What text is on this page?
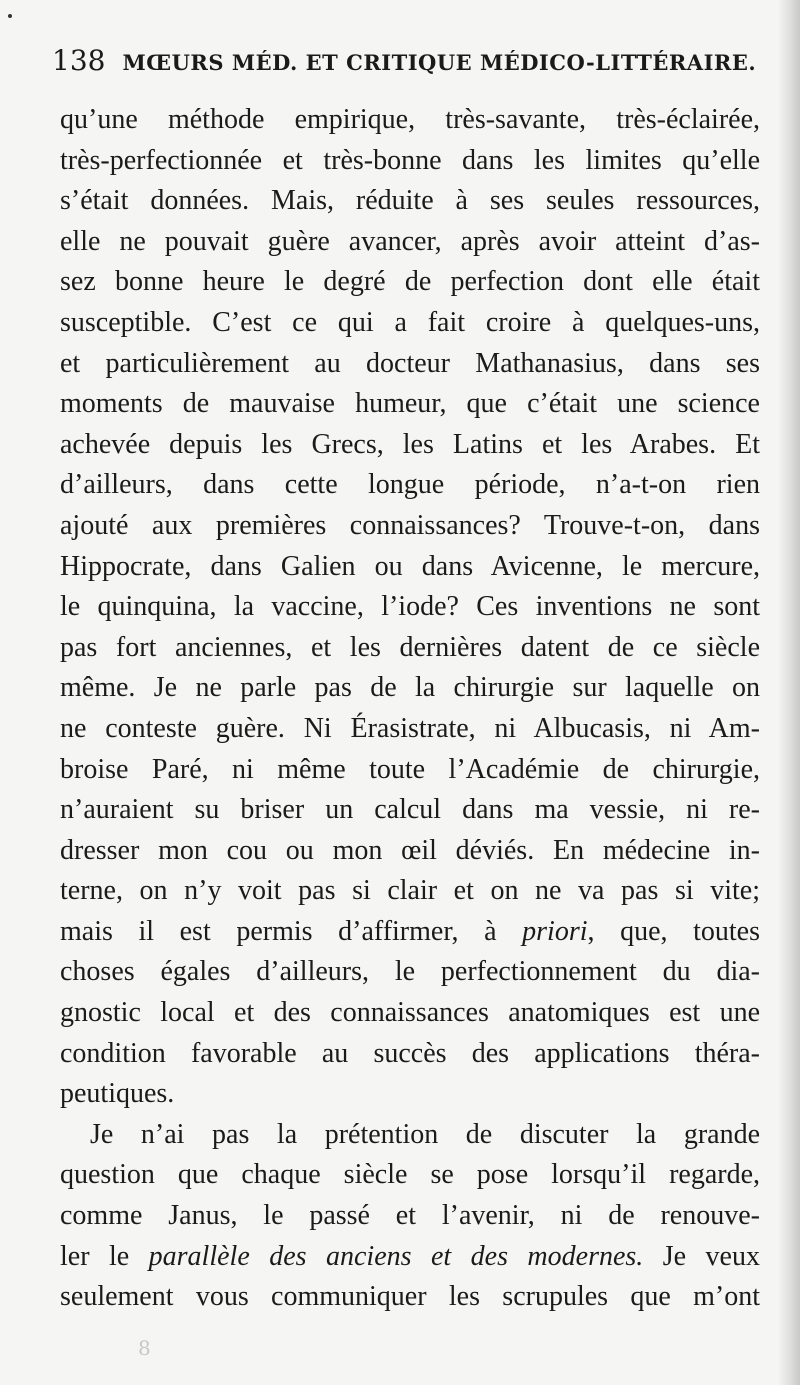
138 MŒURS MÉD. ET CRITIQUE MÉDICO-LITTÉRAIRE.
qu’une méthode empirique, très-savante, très-éclairée,
très-perfectionnée et très-bonne dans les limites qu’elle
s’était données. Mais, réduite à ses seules ressources,
elle ne pouvait guère avancer, après avoir atteint d’as-
sez bonne heure le degré de perfection dont elle était
susceptible. C’est ce qui a fait croire à quelques-uns,
et particulièrement au docteur Mathanasius, dans ses
moments de mauvaise humeur, que c’était une science
achevée depuis les Grecs, les Latins et les Arabes. Et
d’ailleurs, dans cette longue période, n’a-t-on rien
ajouté aux premières connaissances? Trouve-t-on, dans
Hippocrate, dans Galien ou dans Avicenne, le mercure,
le quinquina, la vaccine, l’iode? Ces inventions ne sont
pas fort anciennes, et les dernières datent de ce siècle
même. Je ne parle pas de la chirurgie sur laquelle on
ne conteste guère. Ni Érasistrate, ni Albucasis, ni Am-
broise Paré, ni même toute l’Académie de chirurgie,
n’auraient su briser un calcul dans ma vessie, ni re-
dresser mon cou ou mon œil déviés. En médecine in-
terne, on n’y voit pas si clair et on ne va pas si vite;
mais il est permis d’affirmer, à priori, que, toutes
choses égales d’ailleurs, le perfectionnement du dia-
gnostic local et des connaissances anatomiques est une
condition favorable au succès des applications théra-
peutiques.
Je n’ai pas la prétention de discuter la grande
question que chaque siècle se pose lorsqu’il regarde,
comme Janus, le passé et l’avenir, ni de renouve-
ler le parallèle des anciens et des modernes. Je veux
seulement vous communiquer les scrupules que m’ont
8
